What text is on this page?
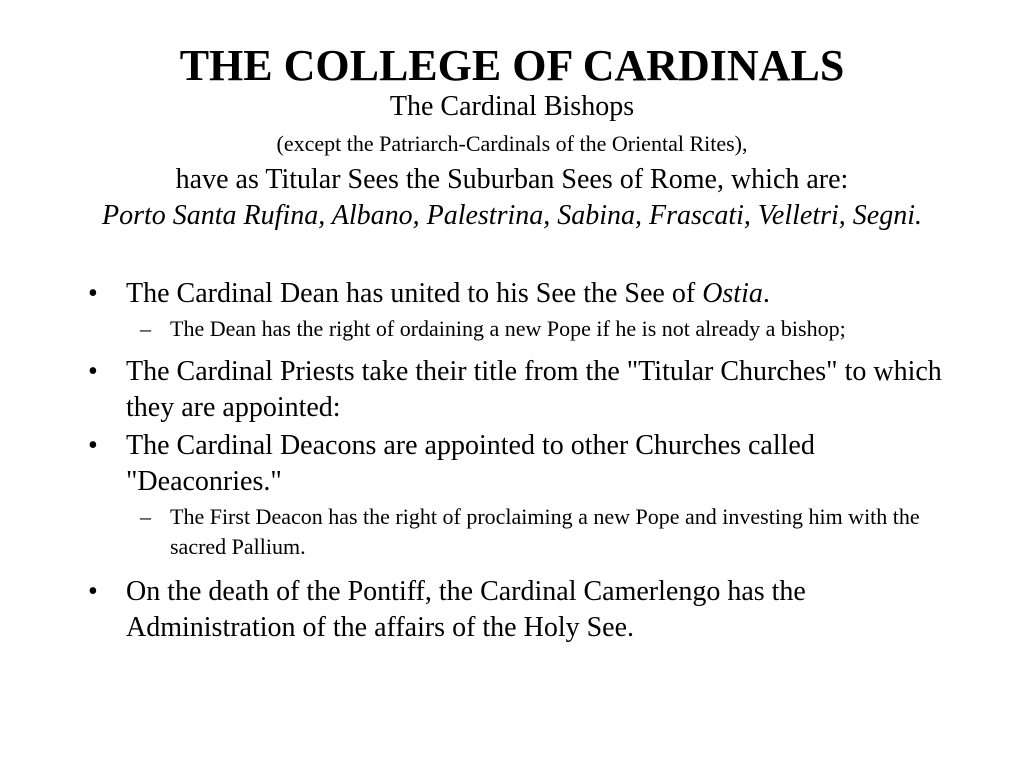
THE COLLEGE OF CARDINALS
The Cardinal Bishops
(except the Patriarch-Cardinals of the Oriental Rites),
have as Titular Sees the Suburban Sees of Rome, which are:
Porto Santa Rufina, Albano, Palestrina, Sabina, Frascati, Velletri, Segni.
• The Cardinal Dean has united to his See the See of Ostia.
– The Dean has the right of ordaining a new Pope if he is not already a bishop;
• The Cardinal Priests take their title from the "Titular Churches" to which they are appointed:
• The Cardinal Deacons are appointed to other Churches called "Deaconries."
– The First Deacon has the right of proclaiming a new Pope and investing him with the sacred Pallium.
• On the death of the Pontiff, the Cardinal Camerlengo has the Administration of the affairs of the Holy See.
